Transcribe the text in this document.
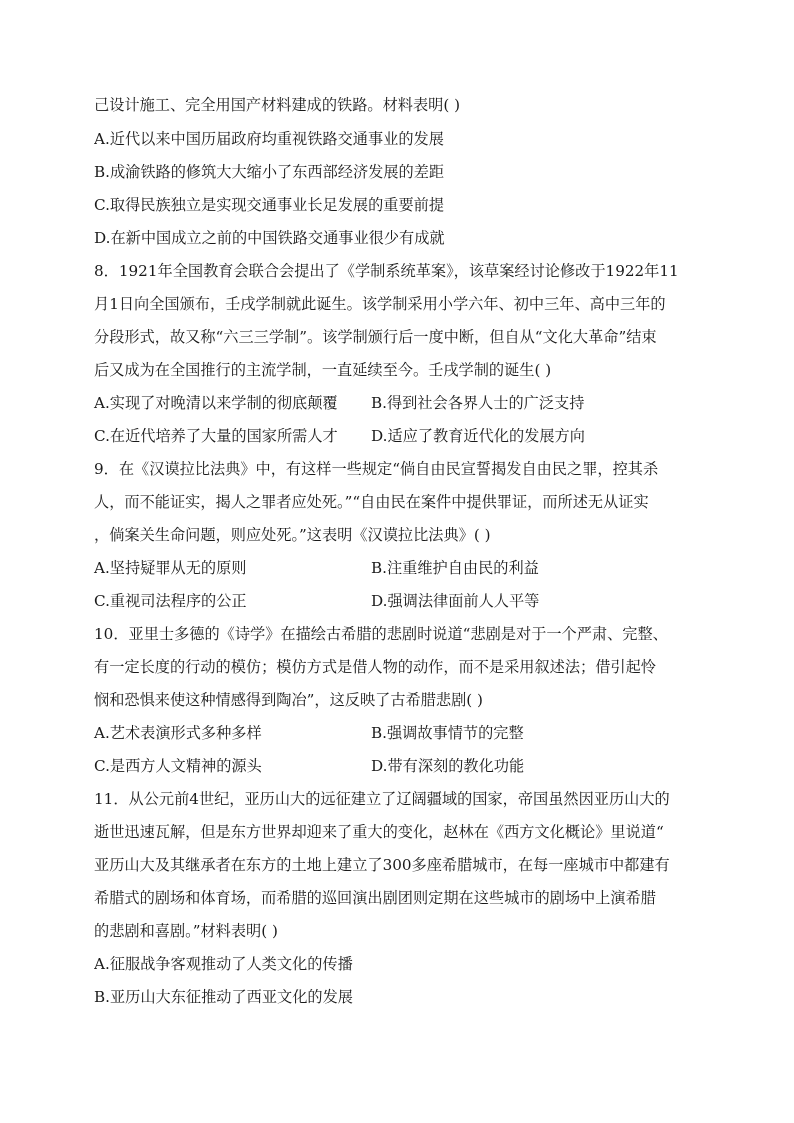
己设计施工、完全用国产材料建成的铁路。材料表明( )
A.近代以来中国历届政府均重视铁路交通事业的发展
B.成渝铁路的修筑大大缩小了东西部经济发展的差距
C.取得民族独立是实现交通事业长足发展的重要前提
D.在新中国成立之前的中国铁路交通事业很少有成就
8．1921年全国教育会联合会提出了《学制系统革案》，该草案经讨论修改于1922年11
月1日向全国颁布，壬戌学制就此诞生。该学制采用小学六年、初中三年、高中三年的
分段形式，故又称“六三三学制”。该学制颁行后一度中断，但自从“文化大革命”结束
后又成为在全国推行的主流学制，一直延续至今。壬戌学制的诞生( )
A.实现了对晚清以来学制的彻底颠覆 B.得到社会各界人士的广泛支持
C.在近代培养了大量的国家所需人才 D.适应了教育近代化的发展方向
9．在《汉谟拉比法典》中，有这样一些规定“倘自由民宣誓揭发自由民之罪，控其杀
人，而不能证实，揭人之罪者应处死。”“自由民在案件中提供罪证，而所述无从证实
，倘案关生命问题，则应处死。”这表明《汉谟拉比法典》( )
A.坚持疑罪从无的原则	B.注重维护自由民的利益
C.重视司法程序的公正	D.强调法律面前人人平等
10．亚里士多德的《诗学》在描绘古希腊的悲剧时说道“悲剧是对于一个严肃、完整、
有一定长度的行动的模仿；模仿方式是借人物的动作，而不是采用叙述法；借引起怜
悯和恐惧来使这种情感得到陶冶”，这反映了古希腊悲剧( )
A.艺术表演形式多种多样	B.强调故事情节的完整
C.是西方人文精神的源头	D.带有深刻的教化功能
11．从公元前4世纪，亚历山大的远征建立了辽阔疆域的国家，帝国虽然因亚历山大的
逝世迅速瓦解，但是东方世界却迎来了重大的变化，赵林在《西方文化概论》里说道“
亚历山大及其继承者在东方的土地上建立了300多座希腊城市，在每一座城市中都建有
希腊式的剧场和体育场，而希腊的巡回演出剧团则定期在这些城市的剧场中上演希腊
的悲剧和喜剧。”材料表明( )
A.征服战争客观推动了人类文化的传播
B.亚历山大东征推动了西亚文化的发展
